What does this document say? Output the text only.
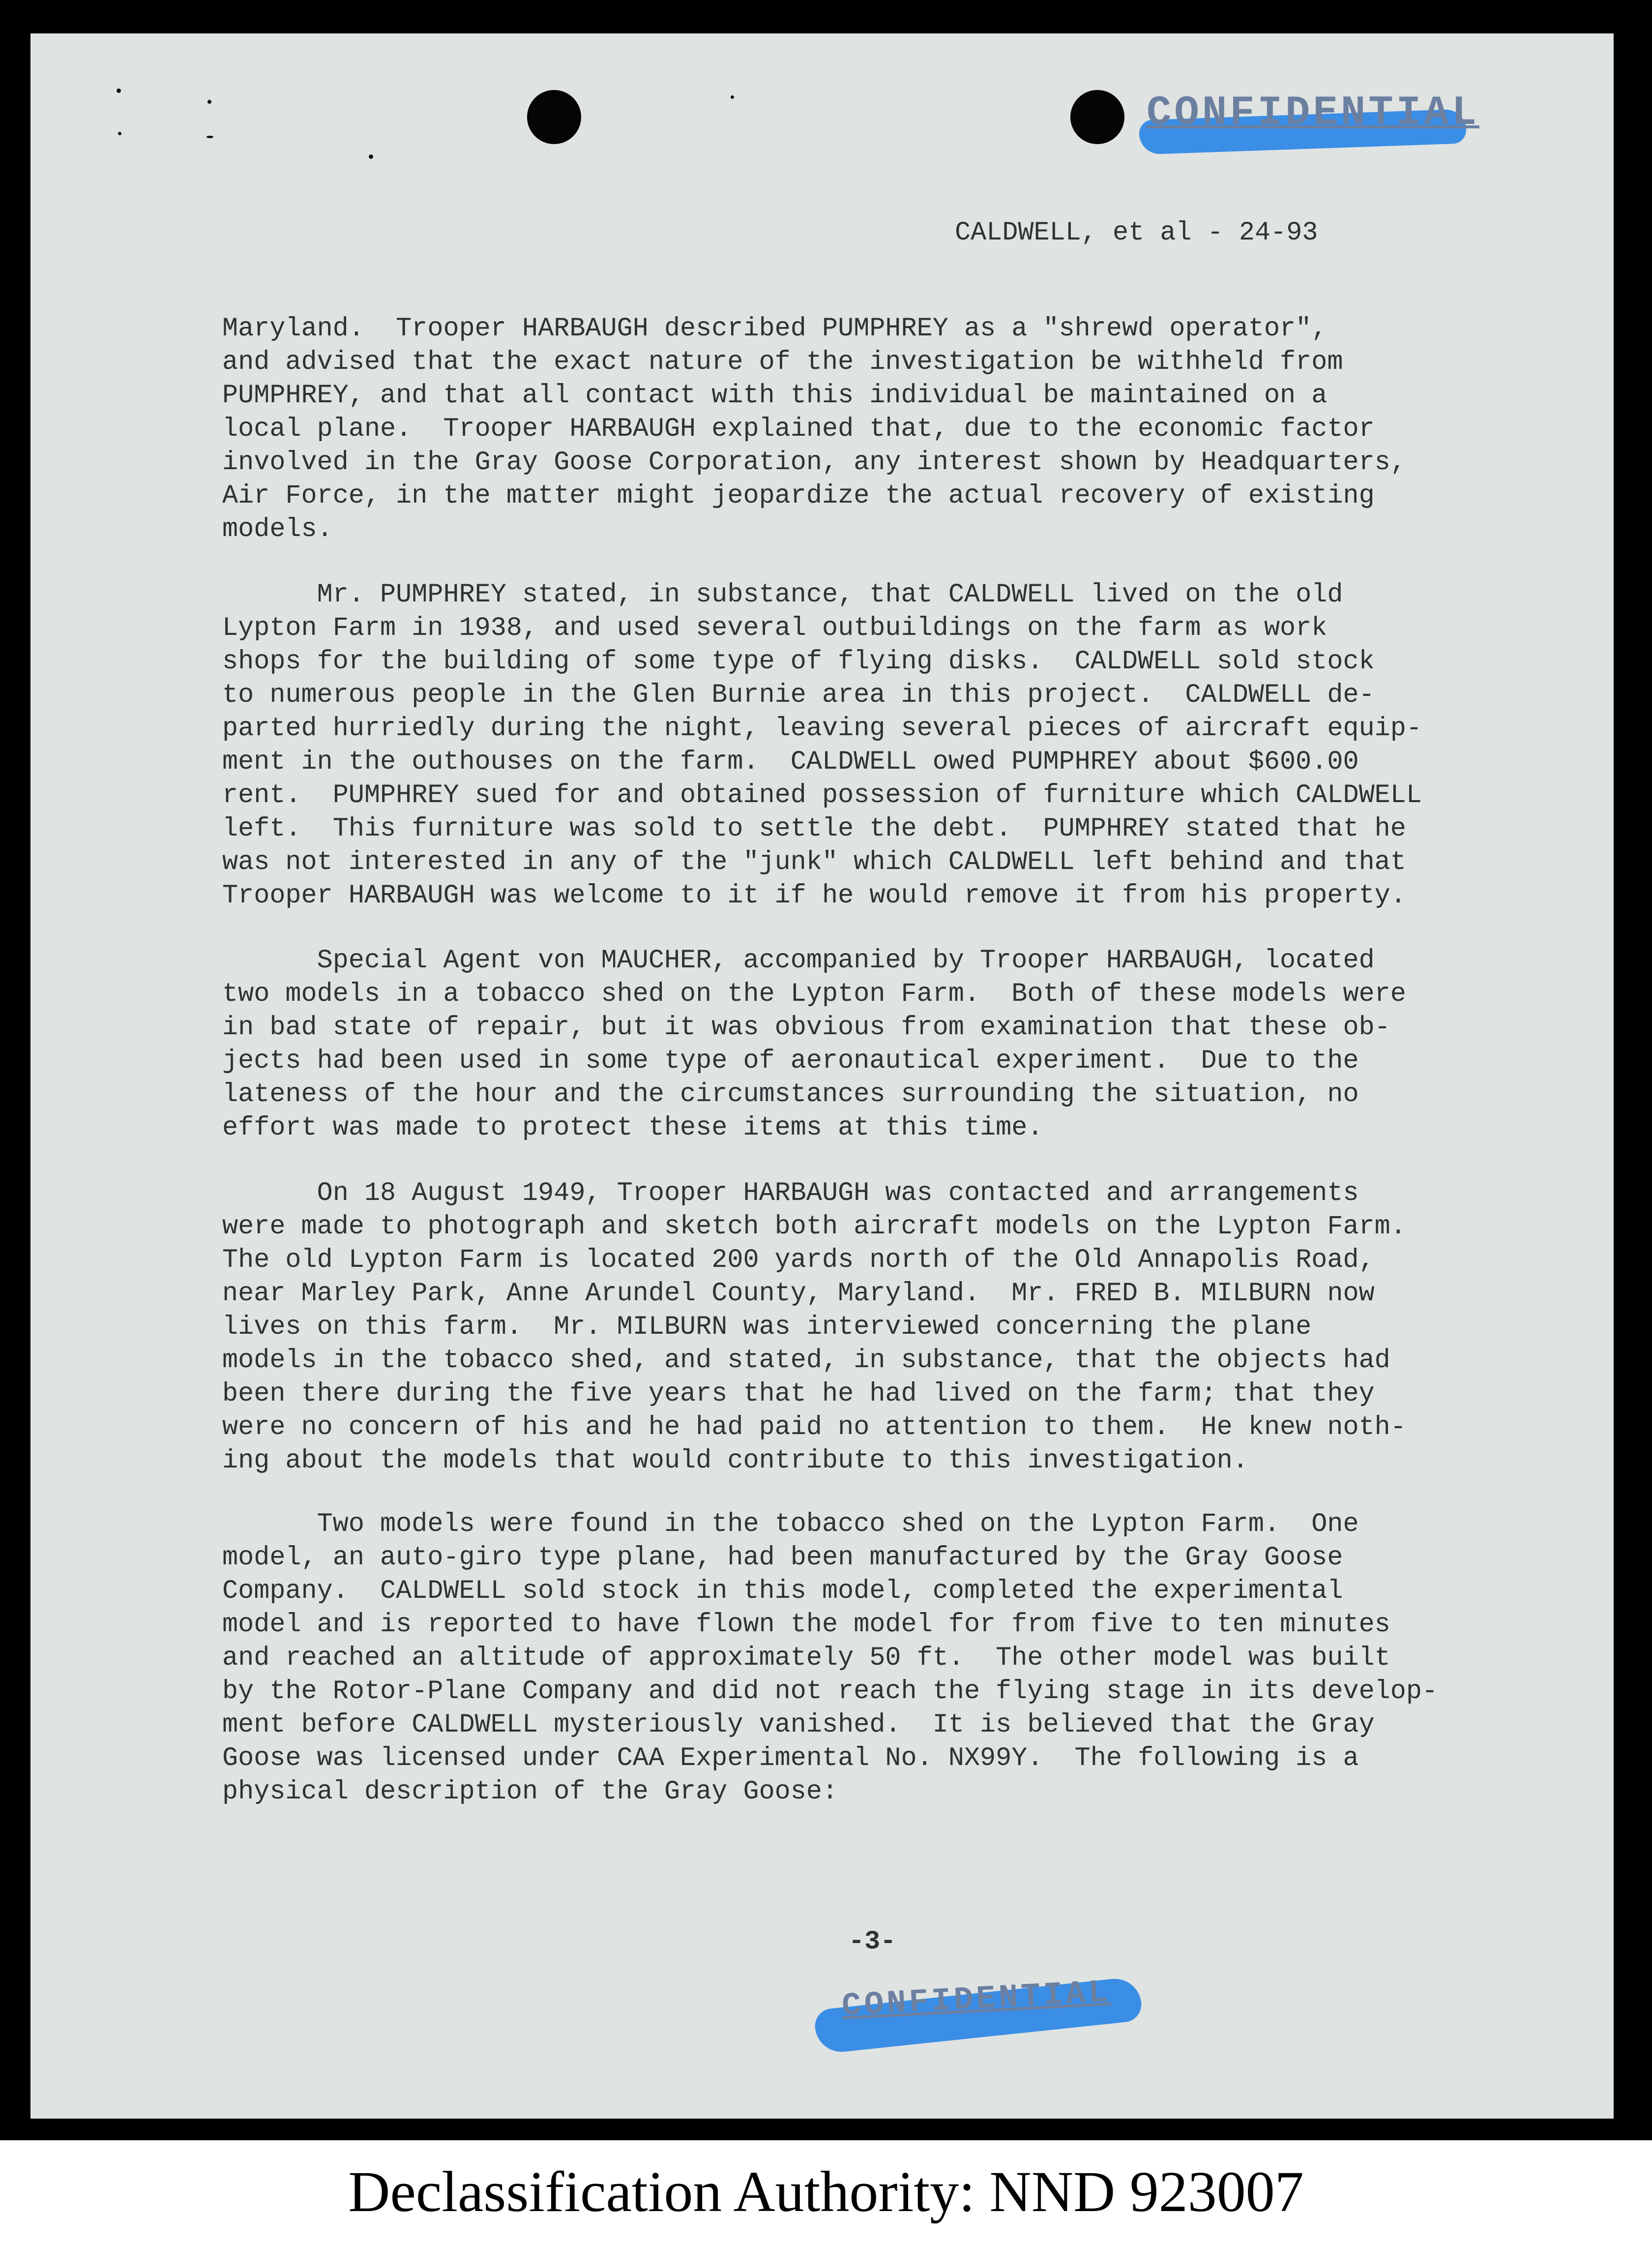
CONFIDENTIAL
CALDWELL, et al - 24-93

Maryland.  Trooper HARBAUGH described PUMPHREY as a "shrewd operator",
and advised that the exact nature of the investigation be withheld from
PUMPHREY, and that all contact with this individual be maintained on a
local plane.  Trooper HARBAUGH explained that, due to the economic factor
involved in the Gray Goose Corporation, any interest shown by Headquarters,
Air Force, in the matter might jeopardize the actual recovery of existing
models.

Mr. PUMPHREY stated, in substance, that CALDWELL lived on the old
Lypton Farm in 1938, and used several outbuildings on the farm as work
shops for the building of some type of flying disks.  CALDWELL sold stock
to numerous people in the Glen Burnie area in this project.  CALDWELL de-
parted hurriedly during the night, leaving several pieces of aircraft equip-
ment in the outhouses on the farm.  CALDWELL owed PUMPHREY about $600.00
rent.  PUMPHREY sued for and obtained possession of furniture which CALDWELL
left.  This furniture was sold to settle the debt.  PUMPHREY stated that he
was not interested in any of the "junk" which CALDWELL left behind and that
Trooper HARBAUGH was welcome to it if he would remove it from his property.

Special Agent von MAUCHER, accompanied by Trooper HARBAUGH, located
two models in a tobacco shed on the Lypton Farm.  Both of these models were
in bad state of repair, but it was obvious from examination that these ob-
jects had been used in some type of aeronautical experiment.  Due to the
lateness of the hour and the circumstances surrounding the situation, no
effort was made to protect these items at this time.

On 18 August 1949, Trooper HARBAUGH was contacted and arrangements
were made to photograph and sketch both aircraft models on the Lypton Farm.
The old Lypton Farm is located 200 yards north of the Old Annapolis Road,
near Marley Park, Anne Arundel County, Maryland.  Mr. FRED B. MILBURN now
lives on this farm.  Mr. MILBURN was interviewed concerning the plane
models in the tobacco shed, and stated, in substance, that the objects had
been there during the five years that he had lived on the farm; that they
were no concern of his and he had paid no attention to them.  He knew noth-
ing about the models that would contribute to this investigation.

Two models were found in the tobacco shed on the Lypton Farm.  One
model, an auto-giro type plane, had been manufactured by the Gray Goose
Company.  CALDWELL sold stock in this model, completed the experimental
model and is reported to have flown the model for from five to ten minutes
and reached an altitude of approximately 50 ft.  The other model was built
by the Rotor-Plane Company and did not reach the flying stage in its develop-
ment before CALDWELL mysteriously vanished.  It is believed that the Gray
Goose was licensed under CAA Experimental No. NX99Y.  The following is a
physical description of the Gray Goose:

-3-
CONFIDENTIAL
Declassification Authority: NND 923007
